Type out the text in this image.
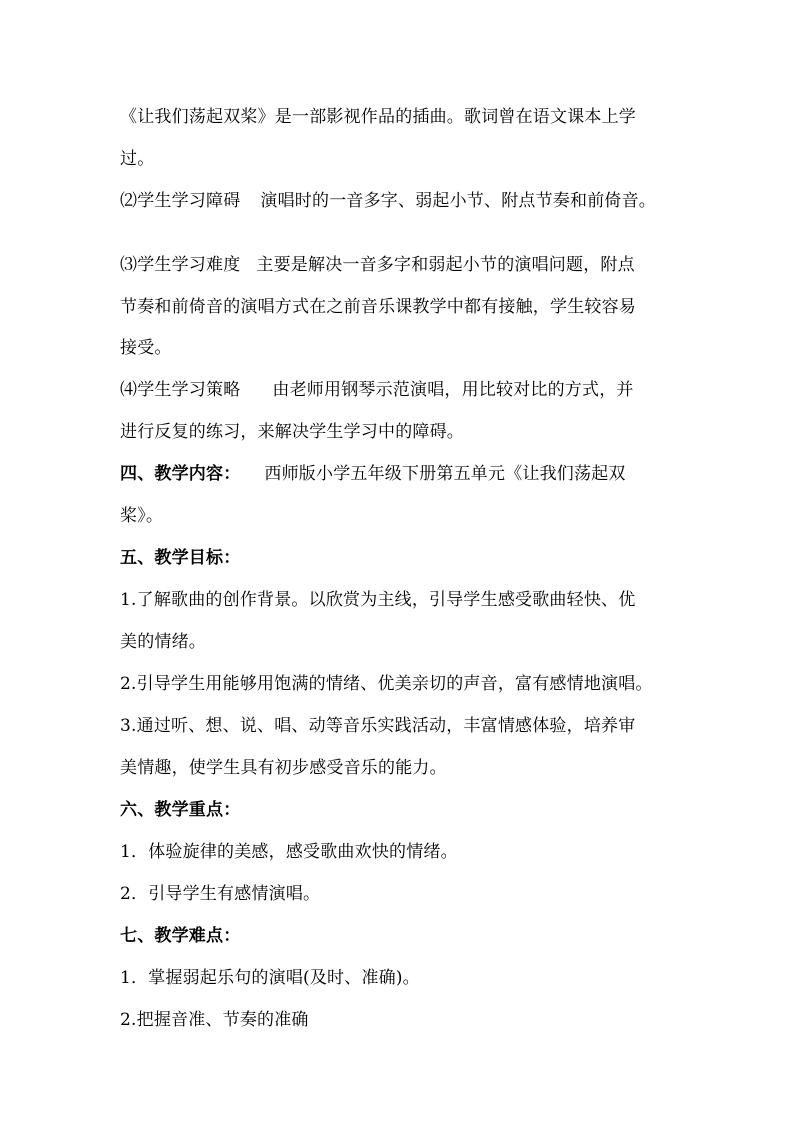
《让我们荡起双桨》是一部影视作品的插曲。歌词曾在语文课本上学
过。
⑵学生学习障碍 演唱时的一音多字、弱起小节、附点节奏和前倚音。
⑶学生学习难度 主要是解决一音多字和弱起小节的演唱问题，附点
节奏和前倚音的演唱方式在之前音乐课教学中都有接触，学生较容易
接受。
⑷学生学习策略 由老师用钢琴示范演唱，用比较对比的方式，并
进行反复的练习，来解决学生学习中的障碍。
四、教学内容： 西师版小学五年级下册第五单元《让我们荡起双
桨》。
五、教学目标：
1.了解歌曲的创作背景。以欣赏为主线，引导学生感受歌曲轻快、优
美的情绪。
2.引导学生用能够用饱满的情绪、优美亲切的声音，富有感情地演唱。
3.通过听、想、说、唱、动等音乐实践活动，丰富情感体验，培养审
美情趣，使学生具有初步感受音乐的能力。
六、教学重点：
1．体验旋律的美感，感受歌曲欢快的情绪。
2．引导学生有感情演唱。
七、教学难点：
1．掌握弱起乐句的演唱(及时、准确)。
2.把握音准、节奏的准确
